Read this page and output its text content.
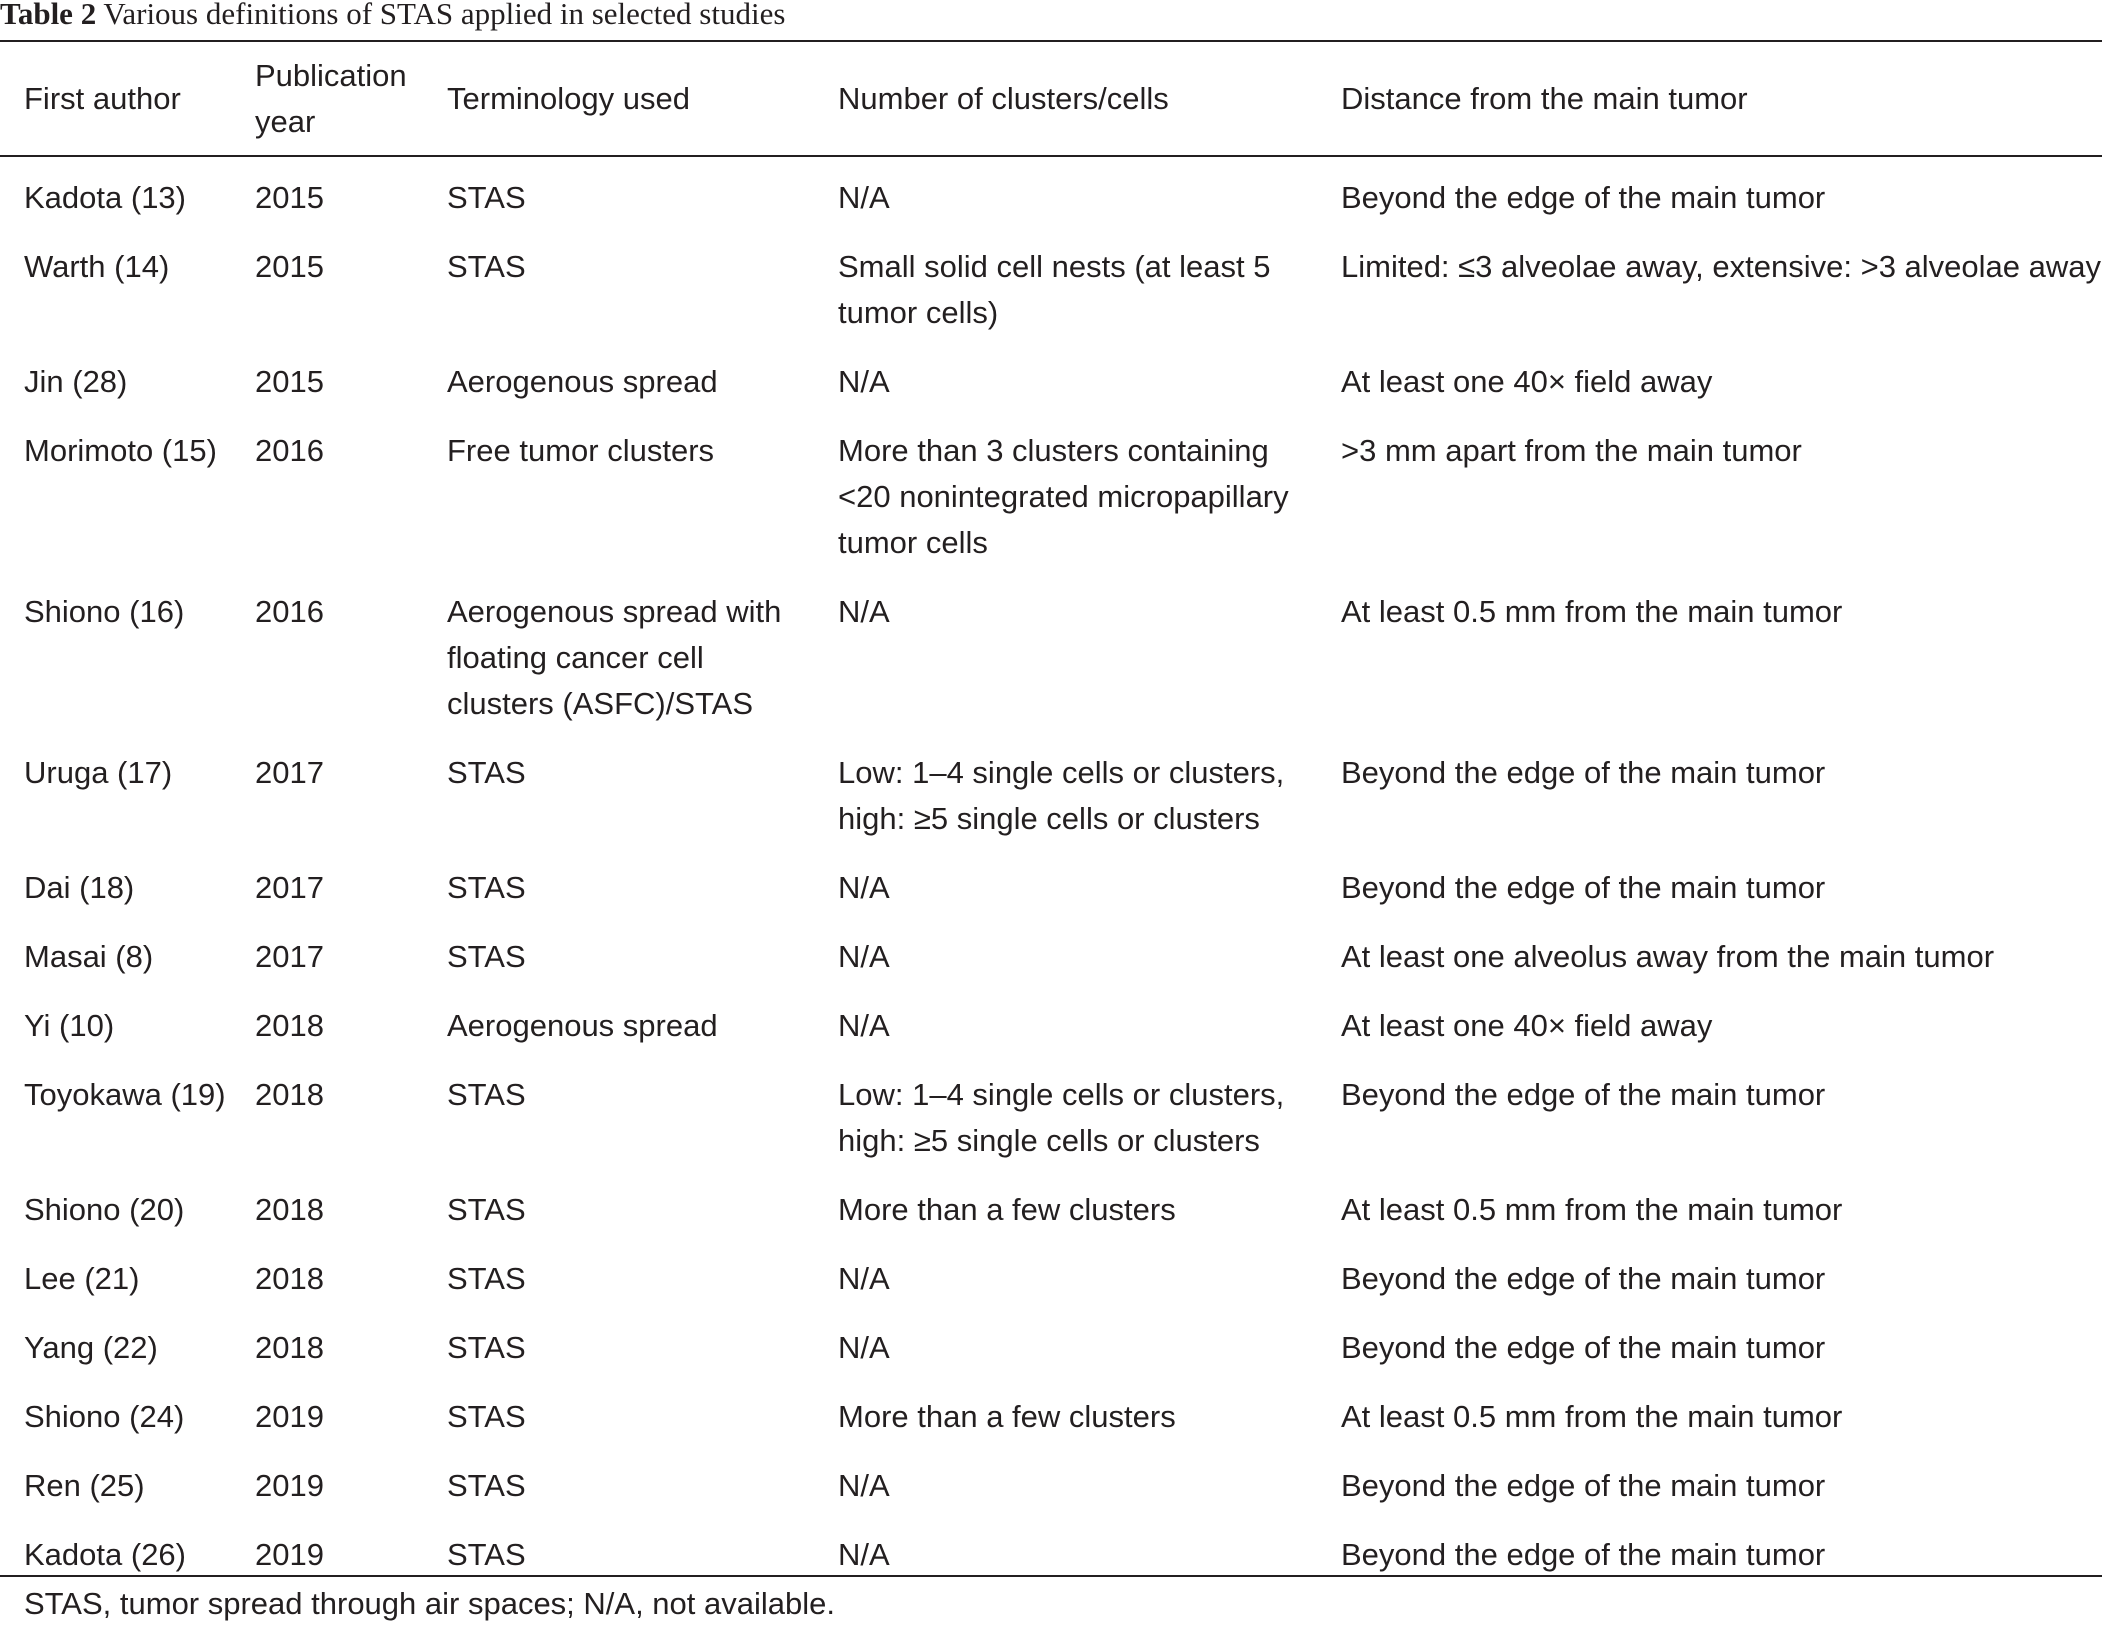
Table 2 Various definitions of STAS applied in selected studies

First author	Publication year	Terminology used	Number of clusters/cells	Distance from the main tumor
Kadota (13)	2015	STAS	N/A	Beyond the edge of the main tumor
Warth (14)	2015	STAS	Small solid cell nests (at least 5 tumor cells)	Limited: ≤3 alveolae away, extensive: >3 alveolae away
Jin (28)	2015	Aerogenous spread	N/A	At least one 40× field away
Morimoto (15)	2016	Free tumor clusters	More than 3 clusters containing <20 nonintegrated micropapillary tumor cells	>3 mm apart from the main tumor
Shiono (16)	2016	Aerogenous spread with floating cancer cell clusters (ASFC)/STAS	N/A	At least 0.5 mm from the main tumor
Uruga (17)	2017	STAS	Low: 1–4 single cells or clusters, high: ≥5 single cells or clusters	Beyond the edge of the main tumor
Dai (18)	2017	STAS	N/A	Beyond the edge of the main tumor
Masai (8)	2017	STAS	N/A	At least one alveolus away from the main tumor
Yi (10)	2018	Aerogenous spread	N/A	At least one 40× field away
Toyokawa (19)	2018	STAS	Low: 1–4 single cells or clusters, high: ≥5 single cells or clusters	Beyond the edge of the main tumor
Shiono (20)	2018	STAS	More than a few clusters	At least 0.5 mm from the main tumor
Lee (21)	2018	STAS	N/A	Beyond the edge of the main tumor
Yang (22)	2018	STAS	N/A	Beyond the edge of the main tumor
Shiono (24)	2019	STAS	More than a few clusters	At least 0.5 mm from the main tumor
Ren (25)	2019	STAS	N/A	Beyond the edge of the main tumor
Kadota (26)	2019	STAS	N/A	Beyond the edge of the main tumor

STAS, tumor spread through air spaces; N/A, not available.
